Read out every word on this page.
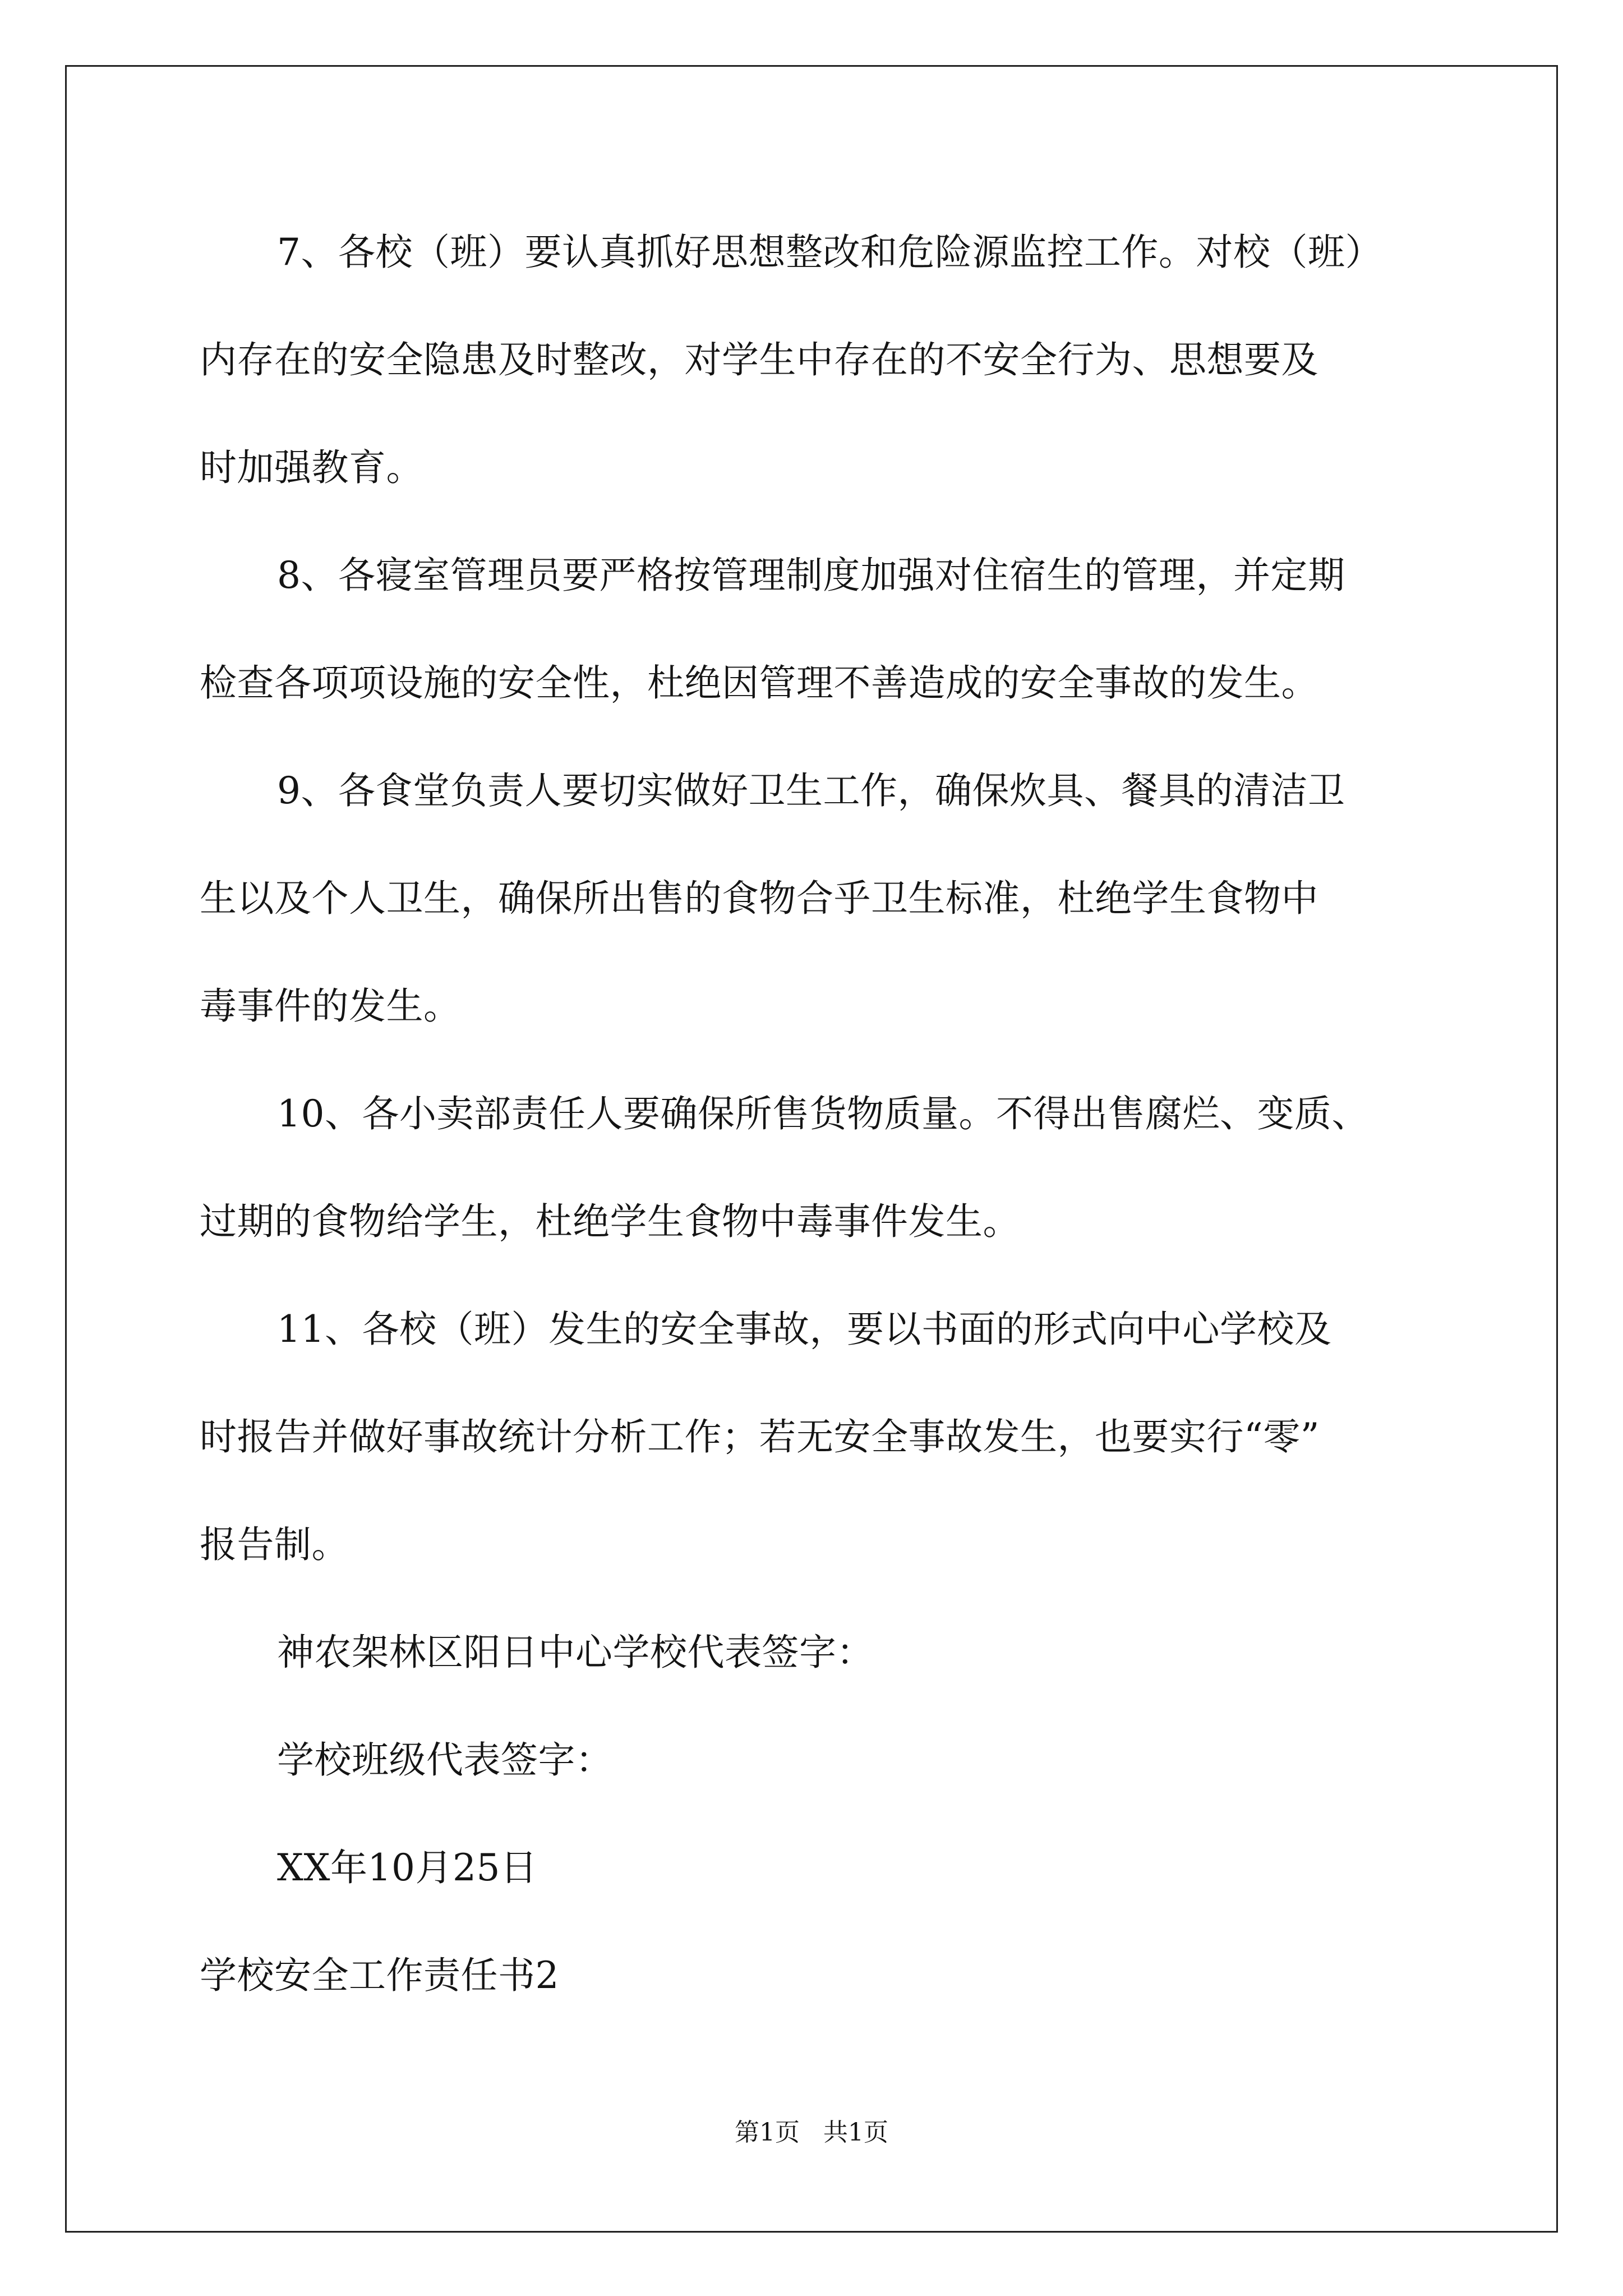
7、各校（班）要认真抓好思想整改和危险源监控工作。对校（班）
内存在的安全隐患及时整改，对学生中存在的不安全行为、思想要及
时加强教育。
8、各寝室管理员要严格按管理制度加强对住宿生的管理，并定期
检查各项项设施的安全性，杜绝因管理不善造成的安全事故的发生。
9、各食堂负责人要切实做好卫生工作，确保炊具、餐具的清洁卫
生以及个人卫生，确保所出售的食物合乎卫生标准，杜绝学生食物中
毒事件的发生。
10、各小卖部责任人要确保所售货物质量。不得出售腐烂、变质、
过期的食物给学生，杜绝学生食物中毒事件发生。
11、各校（班）发生的安全事故，要以书面的形式向中心学校及
时报告并做好事故统计分析工作；若无安全事故发生，也要实行“零”
报告制。
神农架林区阳日中心学校代表签字：
学校班级代表签字：
XX年10月25日
学校安全工作责任书2
第1页   共1页
